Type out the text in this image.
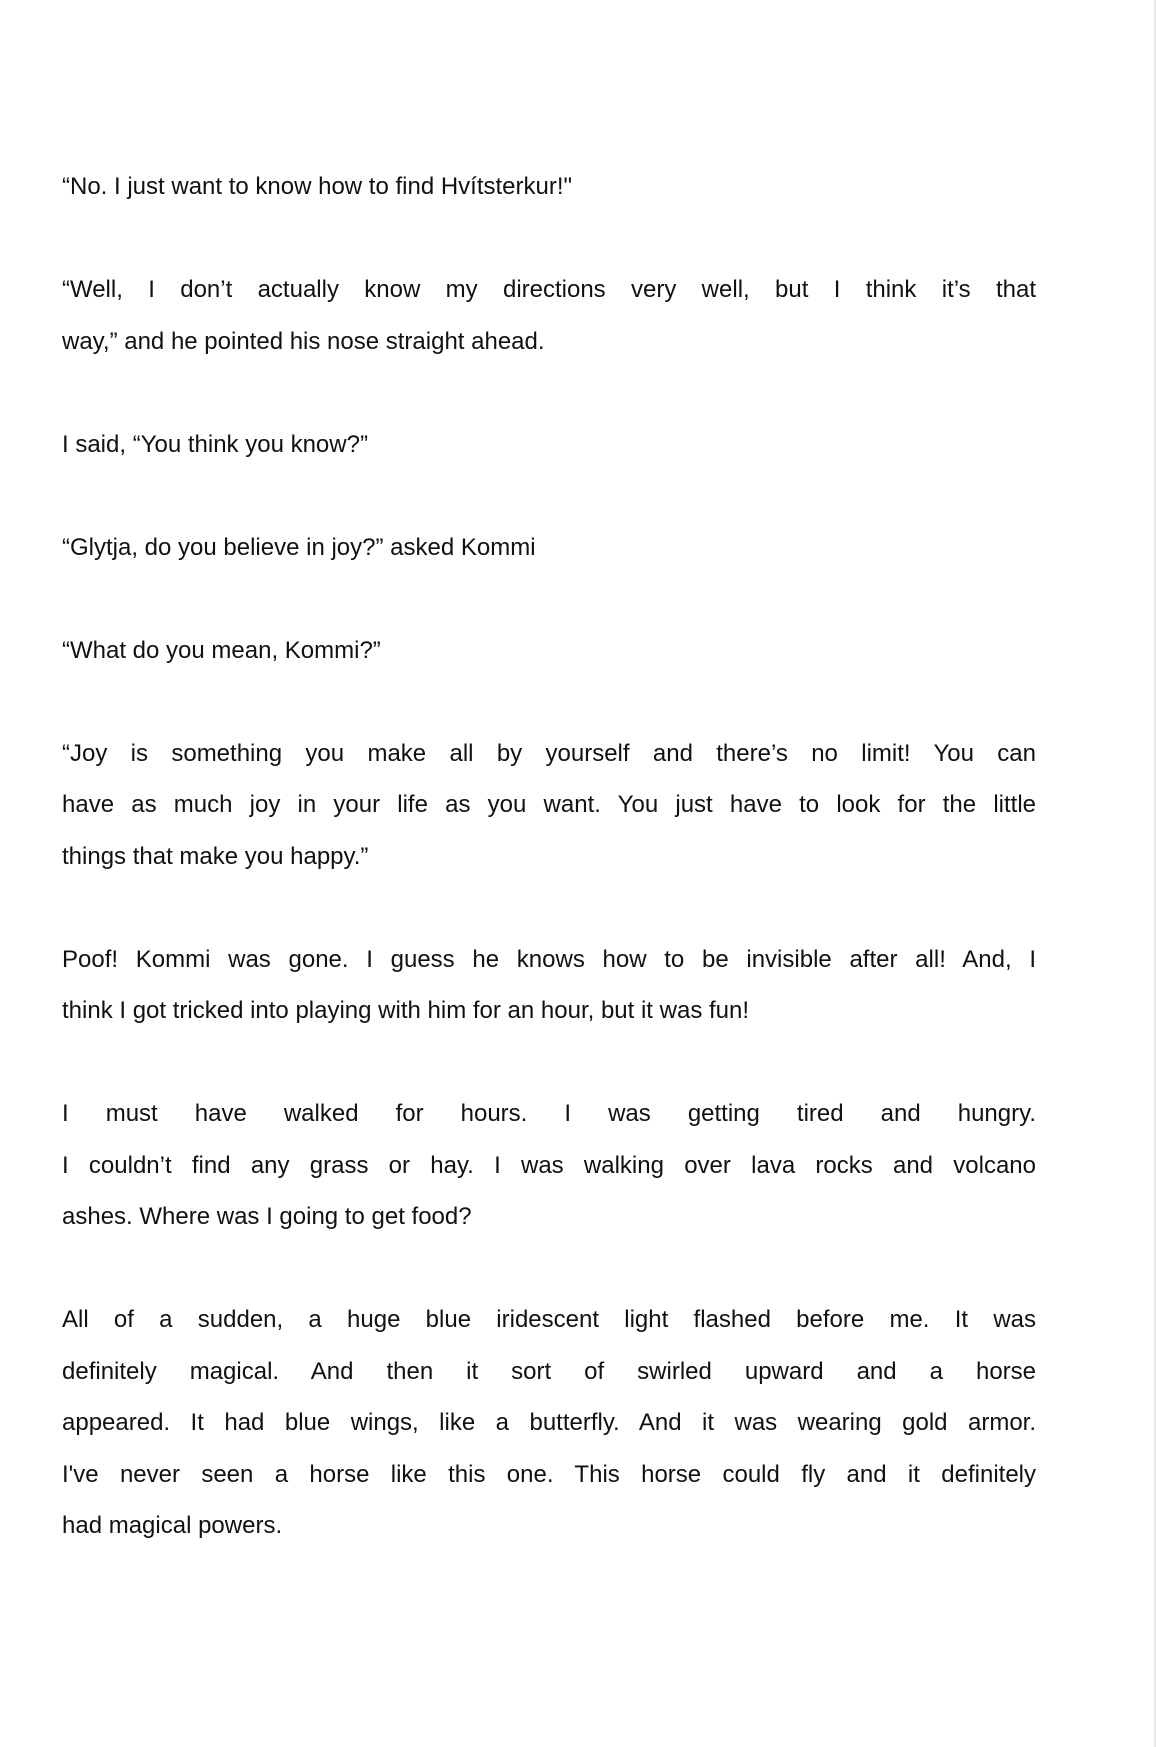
“No. I just want to know how to find Hvítsterkur!"
“Well, I don’t actually know my directions very well, but I think it’s that
way,” and he pointed his nose straight ahead.
I said, “You think you know?”
“Glytja, do you believe in joy?” asked Kommi
“What do you mean, Kommi?”
“Joy is something you make all by yourself and there’s no limit! You can
have as much joy in your life as you want. You just have to look for the little
things that make you happy.”
Poof! Kommi was gone. I guess he knows how to be invisible after all! And, I
think I got tricked into playing with him for an hour, but it was fun!
I must have walked for hours. I was getting tired and hungry.
I couldn’t find any grass or hay. I was walking over lava rocks and volcano
ashes. Where was I going to get food?
All of a sudden, a huge blue iridescent light flashed before me. It was
definitely magical. And then it sort of swirled upward and a horse
appeared. It had blue wings, like a butterfly. And it was wearing gold armor.
I've never seen a horse like this one. This horse could fly and it definitely
had magical powers.
